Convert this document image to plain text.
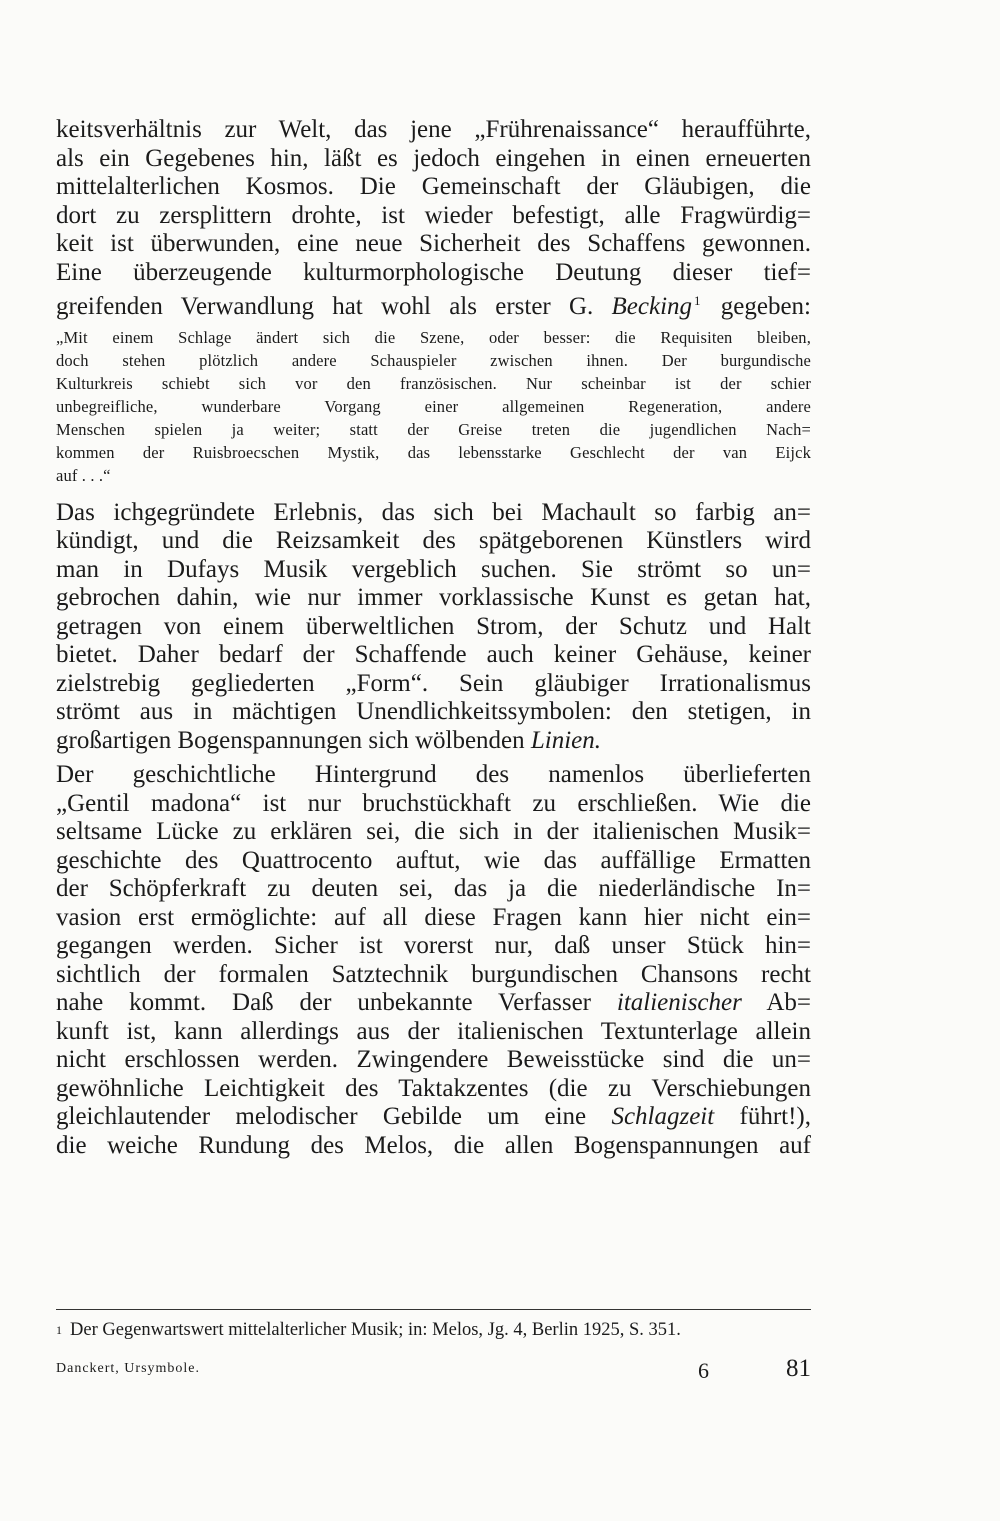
keitsverhältnis zur Welt, das jene „Frührenaissance“ heraufführte,
als ein Gegebenes hin, läßt es jedoch eingehen in einen erneuerten
mittelalterlichen Kosmos. Die Gemeinschaft der Gläubigen, die
dort zu zersplittern drohte, ist wieder befestigt, alle Fragwürdig=
keit ist überwunden, eine neue Sicherheit des Schaffens gewonnen.
Eine überzeugende kulturmorphologische Deutung dieser tief=
greifenden Verwandlung hat wohl als erster G. Becking $^1$ gegeben:
„Mit einem Schlage ändert sich die Szene, oder besser: die Requisiten bleiben,
doch stehen plötzlich andere Schauspieler zwischen ihnen. Der burgundische
Kulturkreis schiebt sich vor den französischen. Nur scheinbar ist der schier
unbegreifliche, wunderbare Vorgang einer allgemeinen Regeneration, andere
Menschen spielen ja weiter; statt der Greise treten die jugendlichen Nach=
kommen der Ruisbroecschen Mystik, das lebensstarke Geschlecht der van Eijck
auf . . .“
Das ichgegründete Erlebnis, das sich bei Machault so farbig an=
kündigt, und die Reizsamkeit des spätgeborenen Künstlers wird
man in Dufays Musik vergeblich suchen. Sie strömt so un=
gebrochen dahin, wie nur immer vorklassische Kunst es getan hat,
getragen von einem überweltlichen Strom, der Schutz und Halt
bietet. Daher bedarf der Schaffende auch keiner Gehäuse, keiner
zielstrebig gegliederten „Form“. Sein gläubiger Irrationalismus
strömt aus in mächtigen Unendlichkeitssymbolen: den stetigen, in
großartigen Bogenspannungen sich wölbenden Linien.
Der geschichtliche Hintergrund des namenlos überlieferten
„Gentil madona“ ist nur bruchstückhaft zu erschließen. Wie die
seltsame Lücke zu erklären sei, die sich in der italienischen Musik=
geschichte des Quattrocento auftut, wie das auffällige Ermatten
der Schöpferkraft zu deuten sei, das ja die niederländische In=
vasion erst ermöglichte: auf all diese Fragen kann hier nicht ein=
gegangen werden. Sicher ist vorerst nur, daß unser Stück hin=
sichtlich der formalen Satztechnik burgundischen Chansons recht
nahe kommt. Daß der unbekannte Verfasser italienischer Ab=
kunft ist, kann allerdings aus der italienischen Textunterlage allein
nicht erschlossen werden. Zwingendere Beweisstücke sind die un=
gewöhnliche Leichtigkeit des Taktakzentes (die zu Verschiebungen
gleichlautender melodischer Gebilde um eine Schlagzeit führt!),
die weiche Rundung des Melos, die allen Bogenspannungen auf
$^1$ Der Gegenwartswert mittelalterlicher Musik; in: Melos, Jg. 4, Berlin 1925, S. 351.
Danckert, Ursymbole.	6	81
